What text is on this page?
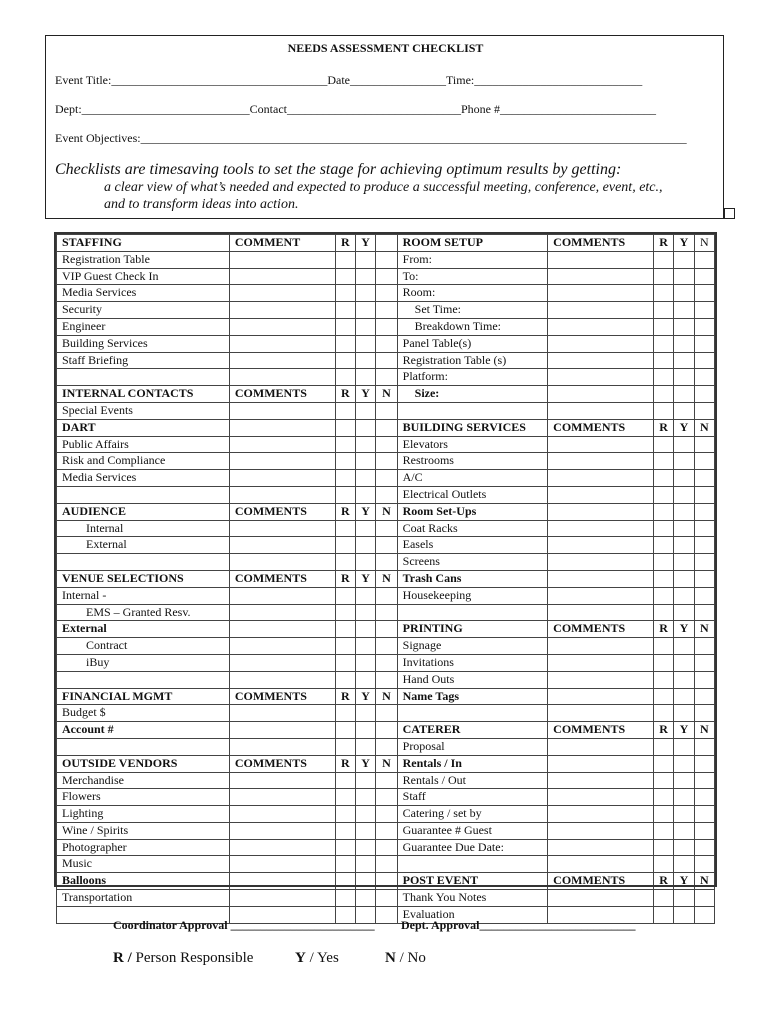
NEEDS ASSESSMENT CHECKLIST
Event Title:____________________________________Date________________Time:____________________________
Dept:____________________________Contact_____________________________Phone #__________________________
Event Objectives:___________________________________________________________________________________________
Checklists are timesaving tools to set the stage for achieving optimum results by getting:
a clear view of what’s needed and expected to produce a successful meeting, conference, event, etc.,
and to transform ideas into action.
STAFFING	COMMENT	R	Y		ROOM SETUP	COMMENTS	R	Y	N
Registration Table					From:				
VIP Guest Check In					To:				
Media Services					Room:				
Security					Set Time:				
Engineer					Breakdown Time:				
Building Services					Panel Table(s)				
Staff Briefing					Registration Table (s)				
					Platform:				
INTERNAL CONTACTS	COMMENTS	R	Y	N	Size:				
Special Events									
DART					BUILDING SERVICES	COMMENTS	R	Y	N
Public Affairs					Elevators				
Risk and Compliance					Restrooms				
Media Services					A/C				
					Electrical Outlets				
AUDIENCE	COMMENTS	R	Y	N	Room Set-Ups				
Internal					Coat Racks				
External					Easels				
					Screens				
VENUE SELECTIONS	COMMENTS	R	Y	N	Trash Cans				
Internal -					Housekeeping				
EMS – Granted Resv.									
External					PRINTING	COMMENTS	R	Y	N
Contract					Signage				
iBuy					Invitations				
					Hand Outs				
FINANCIAL MGMT	COMMENTS	R	Y	N	Name Tags				
Budget $									
Account #					CATERER	COMMENTS	R	Y	N
					Proposal				
OUTSIDE VENDORS	COMMENTS	R	Y	N	Rentals / In				
Merchandise					Rentals / Out				
Flowers					Staff				
Lighting					Catering / set by				
Wine / Spirits					Guarantee # Guest				
Photographer					Guarantee Due Date:				
Music									
Balloons					POST EVENT	COMMENTS	R	Y	N
Transportation					Thank You Notes				
					Evaluation				
Coordinator Approval ________________________ Dept. Approval__________________________
R / Person Responsible	Y / Yes	N / No
